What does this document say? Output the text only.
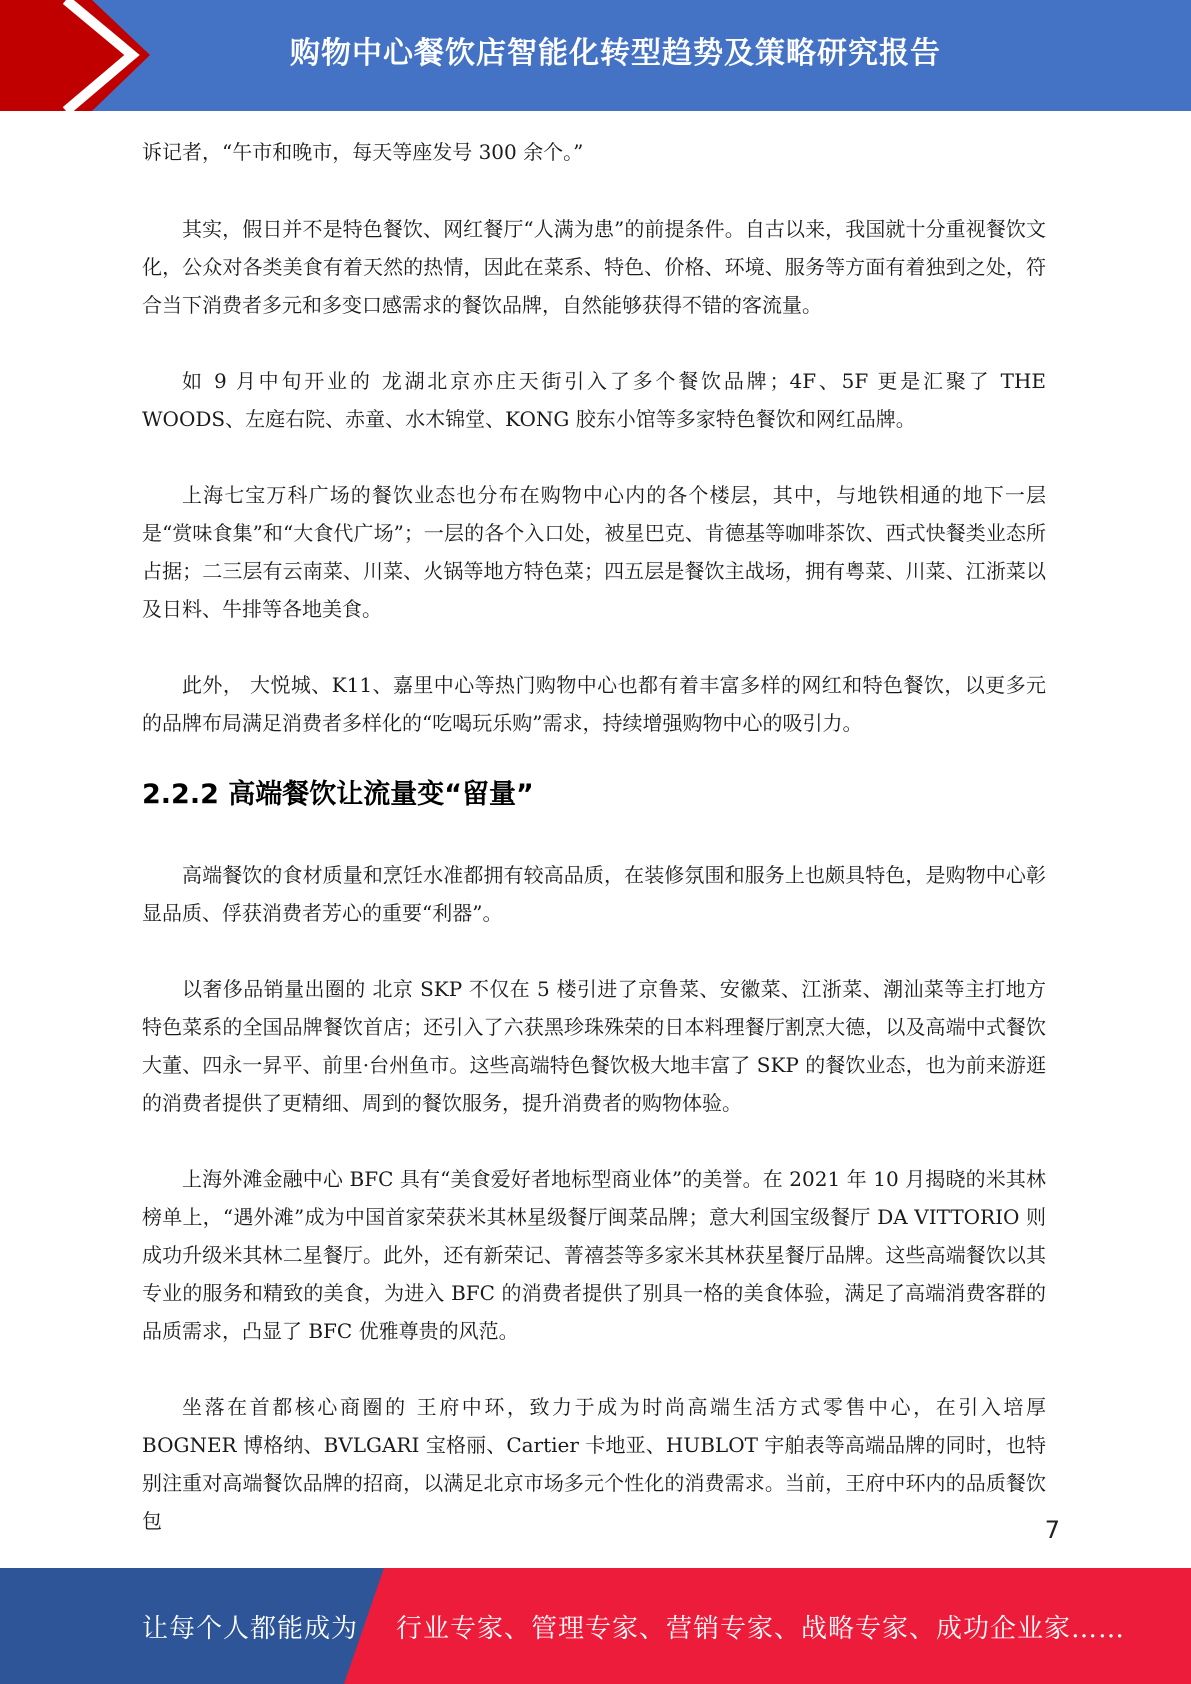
购物中心餐饮店智能化转型趋势及策略研究报告

诉记者，“午市和晚市，每天等座发号 300 余个。”

其实，假日并不是特色餐饮、网红餐厅“人满为患”的前提条件。自古以来，我国就十分重视餐饮文化，公众对各类美食有着天然的热情，因此在菜系、特色、价格、环境、服务等方面有着独到之处，符合当下消费者多元和多变口感需求的餐饮品牌，自然能够获得不错的客流量。

如 9 月中旬开业的 龙湖北京亦庄天街引入了多个餐饮品牌；4F、5F 更是汇聚了 THE WOODS、左庭右院、赤童、水木锦堂、KONG 胶东小馆等多家特色餐饮和网红品牌。

上海七宝万科广场的餐饮业态也分布在购物中心内的各个楼层，其中，与地铁相通的地下一层是“赏味食集”和“大食代广场”；一层的各个入口处，被星巴克、肯德基等咖啡茶饮、西式快餐类业态所占据；二三层有云南菜、川菜、火锅等地方特色菜；四五层是餐饮主战场，拥有粤菜、川菜、江浙菜以及日料、牛排等各地美食。

此外， 大悦城、K11、嘉里中心等热门购物中心也都有着丰富多样的网红和特色餐饮，以更多元的品牌布局满足消费者多样化的“吃喝玩乐购”需求，持续增强购物中心的吸引力。

2.2.2 高端餐饮让流量变“留量”

高端餐饮的食材质量和烹饪水准都拥有较高品质，在装修氛围和服务上也颇具特色，是购物中心彰显品质、俘获消费者芳心的重要“利器”。

以奢侈品销量出圈的 北京 SKP 不仅在 5 楼引进了京鲁菜、安徽菜、江浙菜、潮汕菜等主打地方特色菜系的全国品牌餐饮首店；还引入了六获黑珍珠殊荣的日本料理餐厅割烹大德，以及高端中式餐饮大董、四永一昇平、前里·台州鱼市。这些高端特色餐饮极大地丰富了 SKP 的餐饮业态，也为前来游逛的消费者提供了更精细、周到的餐饮服务，提升消费者的购物体验。

上海外滩金融中心 BFC 具有“美食爱好者地标型商业体”的美誉。在 2021 年 10 月揭晓的米其林榜单上，“遇外滩”成为中国首家荣获米其林星级餐厅闽菜品牌；意大利国宝级餐厅 DA VITTORIO 则成功升级米其林二星餐厅。此外，还有新荣记、菁禧荟等多家米其林获星餐厅品牌。这些高端餐饮以其专业的服务和精致的美食，为进入 BFC 的消费者提供了别具一格的美食体验，满足了高端消费客群的品质需求，凸显了 BFC 优雅尊贵的风范。

坐落在首都核心商圈的 王府中环，致力于成为时尚高端生活方式零售中心，在引入培厚 BOGNER 博格纳、BVLGARI 宝格丽、Cartier 卡地亚、HUBLOT 宇舶表等高端品牌的同时，也特别注重对高端餐饮品牌的招商，以满足北京市场多元个性化的消费需求。当前，王府中环内的品质餐饮包	7
让每个人都能成为 行业专家、管理专家、营销专家、战略专家、成功企业家……
